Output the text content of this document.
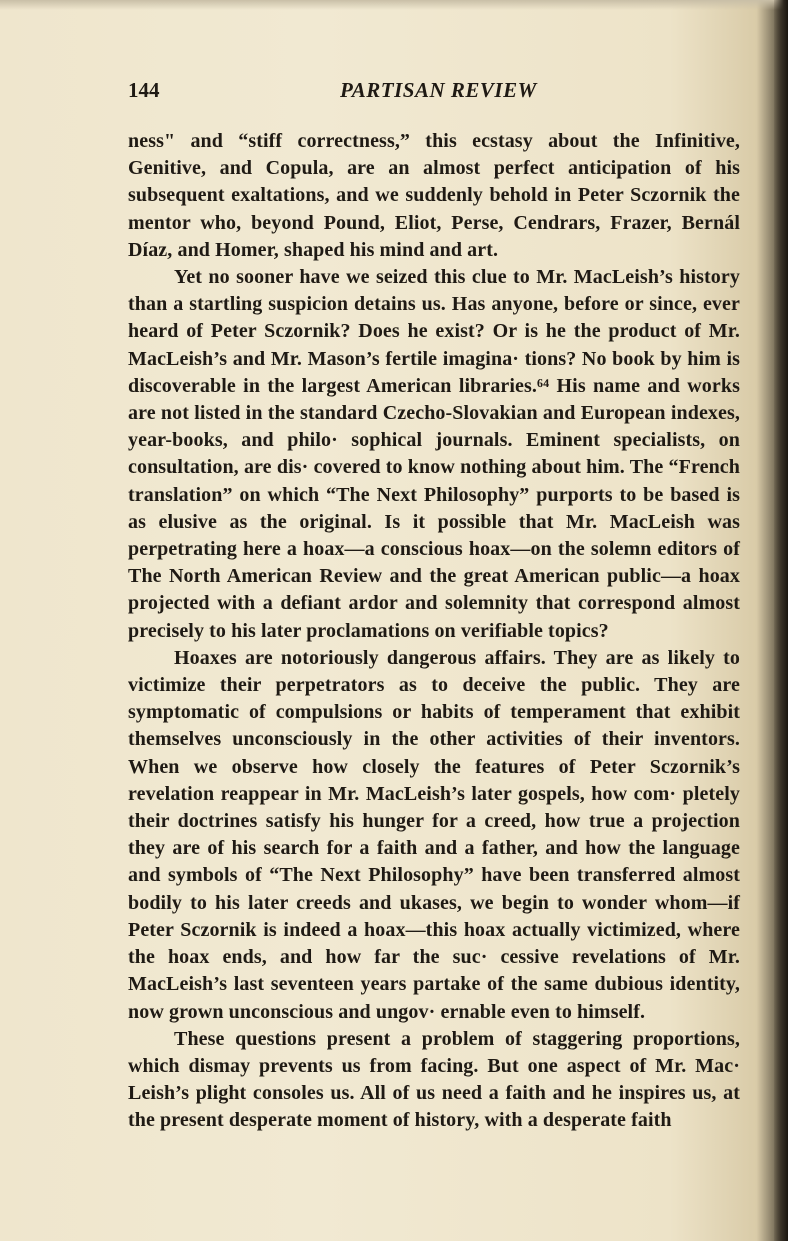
144	PARTISAN REVIEW

ness" and “stiff correctness,” this ecstasy about the Infinitive, Genitive, and Copula, are an almost perfect anticipation of his subsequent exaltations, and we suddenly behold in Peter Sczornik the mentor who, beyond Pound, Eliot, Perse, Cendrars, Frazer, Bernál Díaz, and Homer, shaped his mind and art.

Yet no sooner have we seized this clue to Mr. MacLeish’s history than a startling suspicion detains us. Has anyone, before or since, ever heard of Peter Sczornik? Does he exist? Or is he the product of Mr. MacLeish’s and Mr. Mason’s fertile imagina· tions? No book by him is discoverable in the largest American libraries.⁶⁴ His name and works are not listed in the standard Czecho-Slovakian and European indexes, year-books, and philo· sophical journals. Eminent specialists, on consultation, are dis· covered to know nothing about him. The “French translation” on which “The Next Philosophy” purports to be based is as elusive as the original. Is it possible that Mr. MacLeish was perpetrating here a hoax—a conscious hoax—on the solemn editors of The North American Review and the great American public—a hoax projected with a defiant ardor and solemnity that correspond almost precisely to his later proclamations on verifiable topics?

Hoaxes are notoriously dangerous affairs. They are as likely to victimize their perpetrators as to deceive the public. They are symptomatic of compulsions or habits of temperament that exhibit themselves unconsciously in the other activities of their inventors. When we observe how closely the features of Peter Sczornik’s revelation reappear in Mr. MacLeish’s later gospels, how com· pletely their doctrines satisfy his hunger for a creed, how true a projection they are of his search for a faith and a father, and how the language and symbols of “The Next Philosophy” have been transferred almost bodily to his later creeds and ukases, we begin to wonder whom—if Peter Sczornik is indeed a hoax—this hoax actually victimized, where the hoax ends, and how far the suc· cessive revelations of Mr. MacLeish’s last seventeen years partake of the same dubious identity, now grown unconscious and ungov· ernable even to himself.

These questions present a problem of staggering proportions, which dismay prevents us from facing. But one aspect of Mr. Mac· Leish’s plight consoles us. All of us need a faith and he inspires us, at the present desperate moment of history, with a desperate faith
